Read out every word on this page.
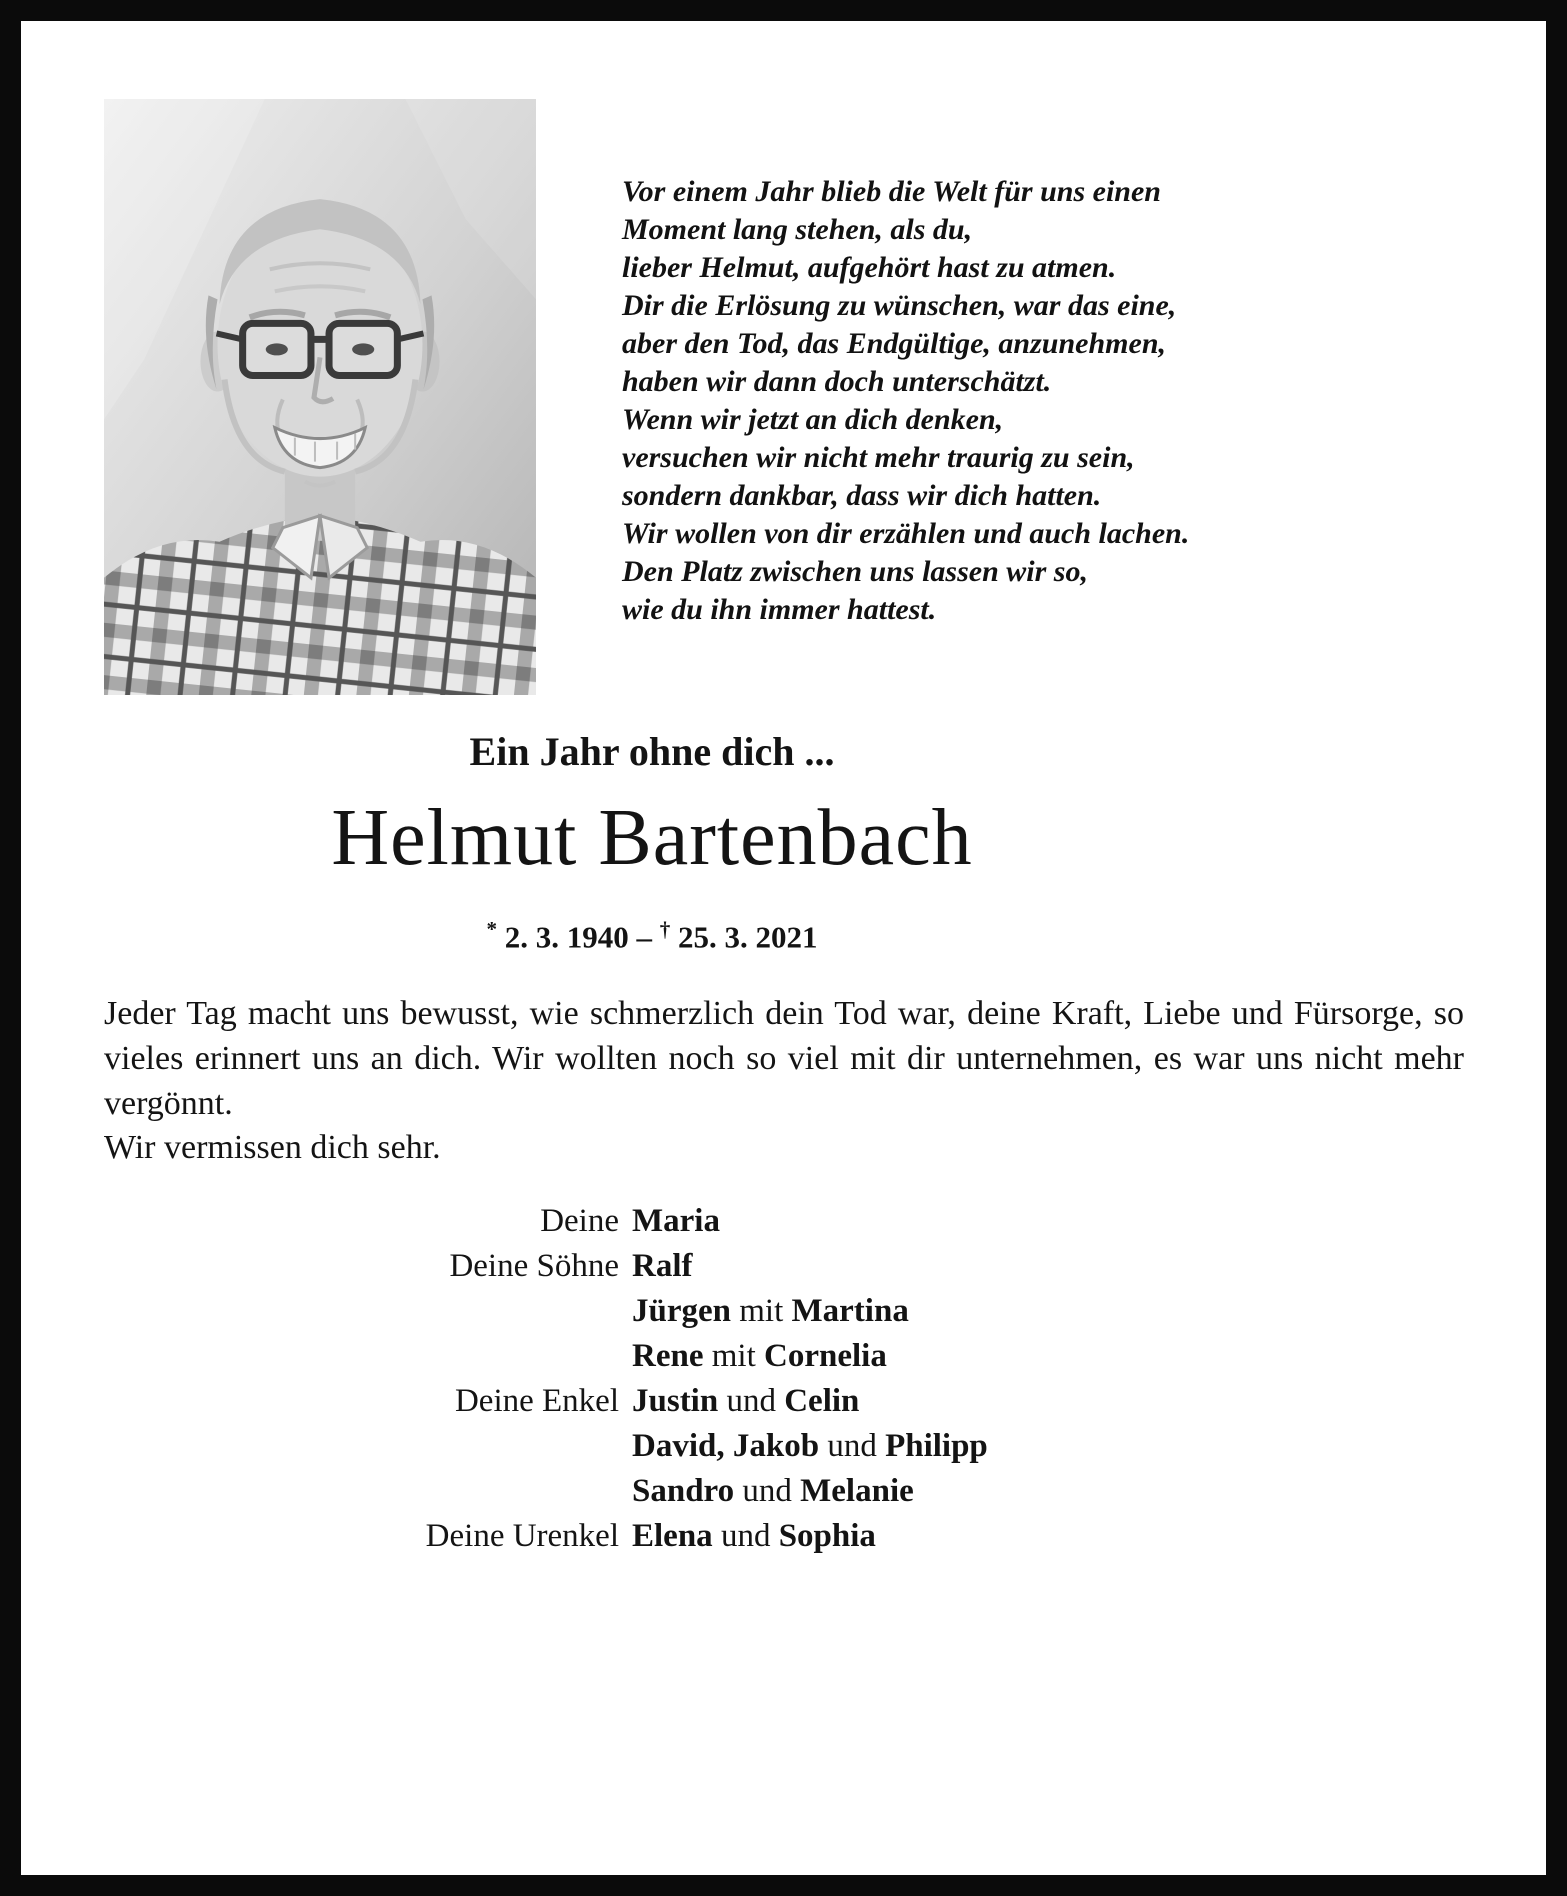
Vor einem Jahr blieb die Welt für uns einen
Moment lang stehen, als du,
lieber Helmut, aufgehört hast zu atmen.
Dir die Erlösung zu wünschen, war das eine,
aber den Tod, das Endgültige, anzunehmen,
haben wir dann doch unterschätzt.
Wenn wir jetzt an dich denken,
versuchen wir nicht mehr traurig zu sein,
sondern dankbar, dass wir dich hatten.
Wir wollen von dir erzählen und auch lachen.
Den Platz zwischen uns lassen wir so,
wie du ihn immer hattest.
Ein Jahr ohne dich ...
Helmut Bartenbach
* 2. 3. 1940 – † 25. 3. 2021
Jeder Tag macht uns bewusst, wie schmerzlich dein Tod war, deine Kraft, Liebe und Fürsorge, so vieles erinnert uns an dich. Wir wollten noch so viel mit dir unternehmen, es war uns nicht mehr vergönnt.
Wir vermissen dich sehr.
Deine Maria
Deine Söhne Ralf
Jürgen mit Martina
Rene mit Cornelia
Deine Enkel Justin und Celin
David, Jakob und Philipp
Sandro und Melanie
Deine Urenkel Elena und Sophia
